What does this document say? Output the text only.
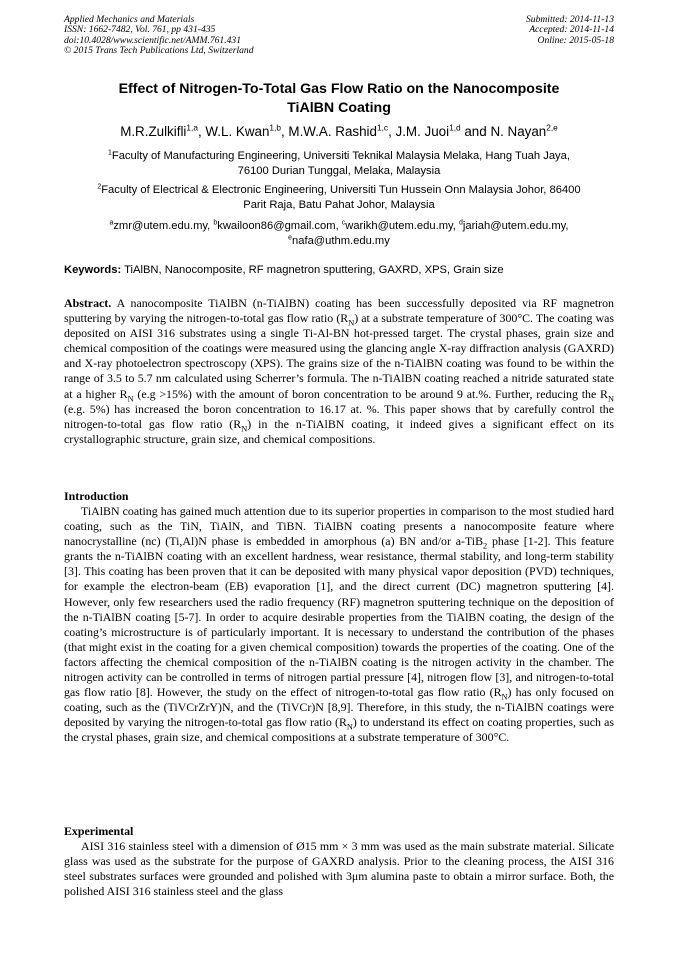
Applied Mechanics and Materials
ISSN: 1662-7482, Vol. 761, pp 431-435
doi:10.4028/www.scientific.net/AMM.761.431
© 2015 Trans Tech Publications Ltd, Switzerland
Submitted: 2014-11-13
Accepted: 2014-11-14
Online: 2015-05-18
Effect of Nitrogen-To-Total Gas Flow Ratio on the Nanocomposite
TiAlBN Coating
M.R.Zulkifli$^{1,a}$, W.L. Kwan$^{1,b}$, M.W.A. Rashid$^{1,c}$, J.M. Juoi$^{1,d}$ and N. Nayan$^{2,e}$
$^1$Faculty of Manufacturing Engineering, Universiti Teknikal Malaysia Melaka, Hang Tuah Jaya,
76100 Durian Tunggal, Melaka, Malaysia
$^2$Faculty of Electrical & Electronic Engineering, Universiti Tun Hussein Onn Malaysia Johor, 86400
Parit Raja, Batu Pahat Johor, Malaysia
$^a$zmr@utem.edu.my, $^b$kwailoon86@gmail.com, $^c$warikh@utem.edu.my, $^d$jariah@utem.edu.my,
$^e$nafa@uthm.edu.my
Keywords: TiAlBN, Nanocomposite, RF magnetron sputtering, GAXRD, XPS, Grain size
Abstract. A nanocomposite TiAlBN (n-TiAlBN) coating has been successfully deposited via RF magnetron sputtering by varying the nitrogen-to-total gas flow ratio $(R_N)$ at a substrate temperature of 300°C. The coating was deposited on AISI 316 substrates using a single Ti-Al-BN hot-pressed target. The crystal phases, grain size and chemical composition of the coatings were measured using the glancing angle X-ray diffraction analysis (GAXRD) and X-ray photoelectron spectroscopy (XPS). The grains size of the n-TiAlBN coating was found to be within the range of 3.5 to 5.7 nm calculated using Scherrer’s formula. The n-TiAlBN coating reached a nitride saturated state at a higher $R_N$ (e.g >15%) with the amount of boron concentration to be around 9 at.%. Further, reducing the $R_N$ (e.g. 5%) has increased the boron concentration to 16.17 at. %. This paper shows that by carefully control the nitrogen-to-total gas flow ratio $(R_N)$ in the n-TiAlBN coating, it indeed gives a significant effect on its crystallographic structure, grain size, and chemical compositions.
Introduction

TiAlBN coating has gained much attention due to its superior properties in comparison to the most studied hard coating, such as the TiN, TiAlN, and TiBN. TiAlBN coating presents a nanocomposite feature where nanocrystalline (nc) (Ti,Al)N phase is embedded in amorphous (a) BN and/or a-TiB$_2$ phase [1-2]. This feature grants the n-TiAlBN coating with an excellent hardness, wear resistance, thermal stability, and long-term stability [3]. This coating has been proven that it can be deposited with many physical vapor deposition (PVD) techniques, for example the electron-beam (EB) evaporation [1], and the direct current (DC) magnetron sputtering [4]. However, only few researchers used the radio frequency (RF) magnetron sputtering technique on the deposition of the n-TiAlBN coating [5-7]. In order to acquire desirable properties from the TiAlBN coating, the design of the coating’s microstructure is of particularly important. It is necessary to understand the contribution of the phases (that might exist in the coating for a given chemical composition) towards the properties of the coating. One of the factors affecting the chemical composition of the n-TiAlBN coating is the nitrogen activity in the chamber. The nitrogen activity can be controlled in terms of nitrogen partial pressure [4], nitrogen flow [3], and nitrogen-to-total gas flow ratio [8]. However, the study on the effect of nitrogen-to-total gas flow ratio $(R_N)$ has only focused on coating, such as the (TiVCrZrY)N, and the (TiVCr)N [8,9]. Therefore, in this study, the n-TiAlBN coatings were deposited by varying the nitrogen-to-total gas flow ratio $(R_N)$ to understand its effect on coating properties, such as the crystal phases, grain size, and chemical compositions at a substrate temperature of 300°C.

Experimental

AISI 316 stainless steel with a dimension of Ø15 mm × 3 mm was used as the main substrate material. Silicate glass was used as the substrate for the purpose of GAXRD analysis. Prior to the cleaning process, the AISI 316 steel substrates surfaces were grounded and polished with 3μm alumina paste to obtain a mirror surface. Both, the polished AISI 316 stainless steel and the glass
